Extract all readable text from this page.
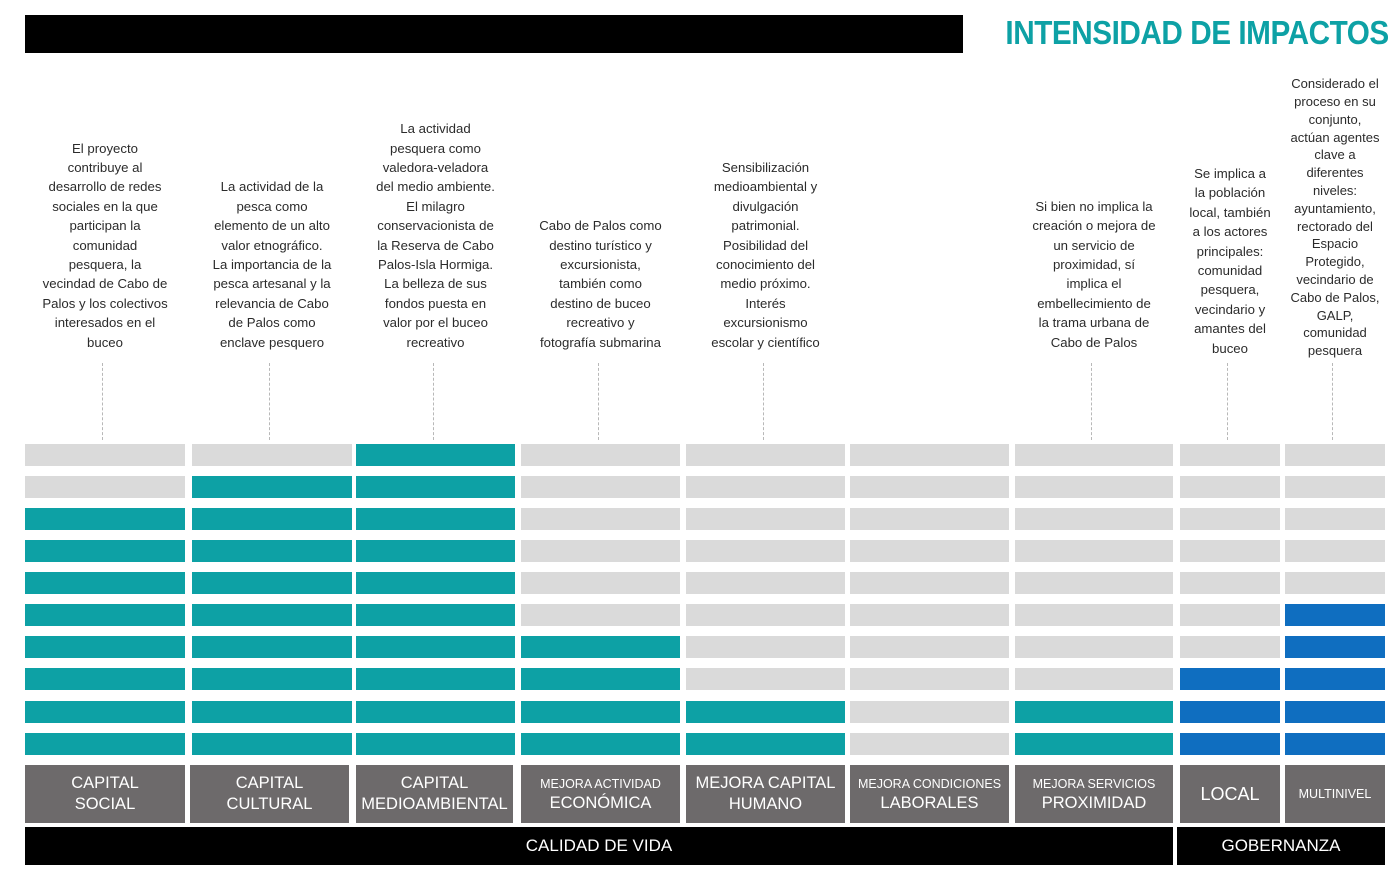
INTENSIDAD DE IMPACTOS
El proyecto
contribuye al
desarrollo de redes
sociales en la que
participan la
comunidad
pesquera, la
vecindad de Cabo de
Palos y los colectivos
interesados en el
buceo
CAPITAL
SOCIAL
La actividad de la
pesca como
elemento de un alto
valor etnográfico.
La importancia de la
pesca artesanal y la
relevancia de Cabo
de Palos como
enclave pesquero
CAPITAL
CULTURAL
La actividad
pesquera como
valedora-veladora
del medio ambiente.
El milagro
conservacionista de
la Reserva de Cabo
Palos-Isla Hormiga.
La belleza de sus
fondos puesta en
valor por el buceo
recreativo
CAPITAL
MEDIOAMBIENTAL
Cabo de Palos como
destino turístico y
excursionista,
también como
destino de buceo
recreativo y
fotografía submarina
MEJORA ACTIVIDAD
ECONÓMICA
Sensibilización
medioambiental y
divulgación
patrimonial.
Posibilidad del
conocimiento del
medio próximo.
Interés
excursionismo
escolar y científico
MEJORA CAPITAL
HUMANO
MEJORA CONDICIONES
LABORALES
Si bien no implica la
creación o mejora de
un servicio de
proximidad, sí
implica el
embellecimiento de
la trama urbana de
Cabo de Palos
MEJORA SERVICIOS
PROXIMIDAD
Se implica a
la población
local, también
a los actores
principales:
comunidad
pesquera,
vecindario y
amantes del
buceo
LOCAL
Considerado el
proceso en su
conjunto,
actúan agentes
clave a
diferentes
niveles:
ayuntamiento,
rectorado del
Espacio
Protegido,
vecindario de
Cabo de Palos,
GALP,
comunidad
pesquera
MULTINIVEL
CALIDAD DE VIDA	GOBERNANZA
